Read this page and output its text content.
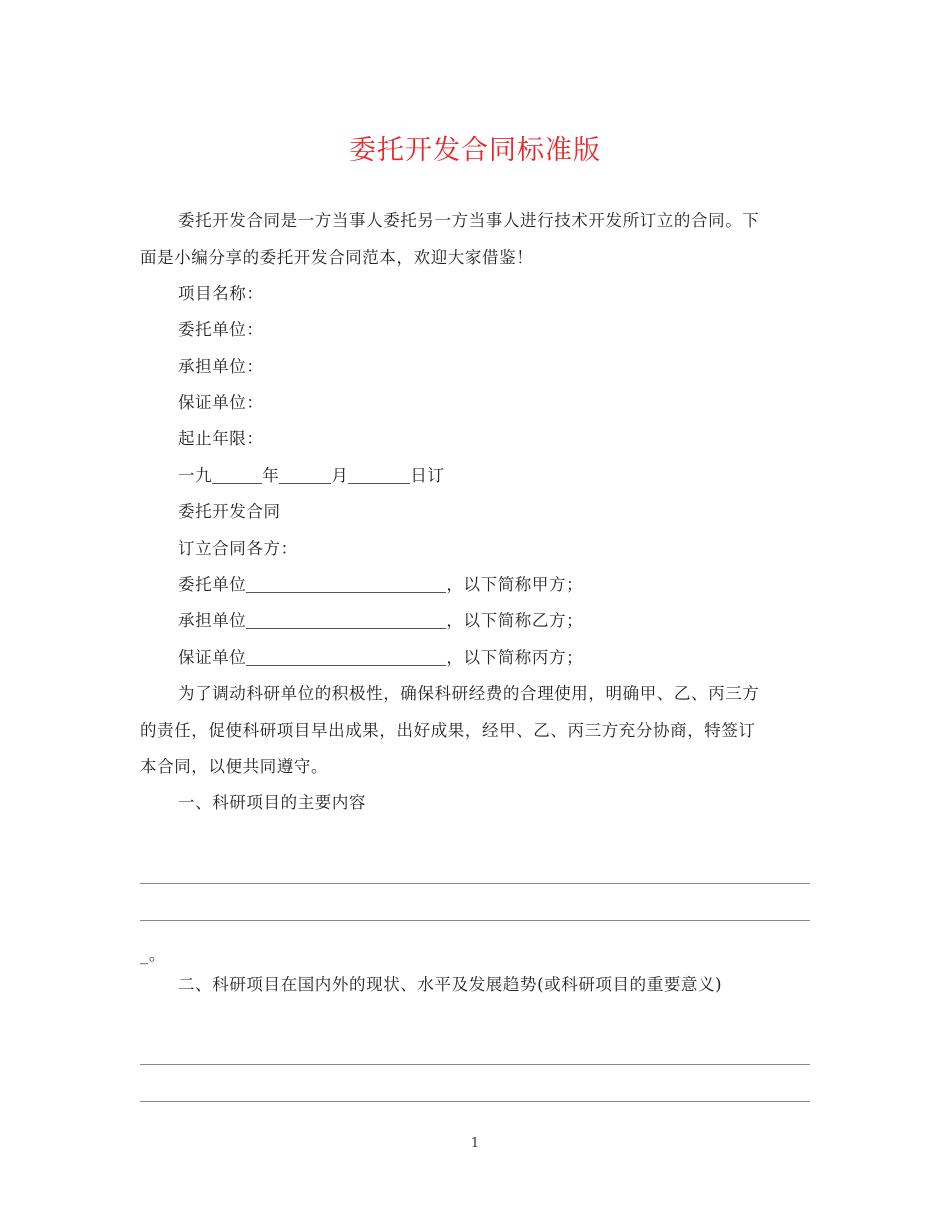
委托开发合同标准版
委托开发合同是一方当事人委托另一方当事人进行技术开发所订立的合同。下
面是小编分享的委托开发合同范本，欢迎大家借鉴！
项目名称：
委托单位：
承担单位：
保证单位：
起止年限：
一九	年	月	日订
委托开发合同
订立合同各方：
委托单位	，以下简称甲方；
承担单位	，以下简称乙方；
保证单位	，以下简称丙方；
为了调动科研单位的积极性，确保科研经费的合理使用，明确甲、乙、丙三方
的责任，促使科研项目早出成果，出好成果，经甲、乙、丙三方充分协商，特签订
本合同，以便共同遵守。
一、科研项目的主要内容
_。
二、科研项目在国内外的现状、水平及发展趋势(或科研项目的重要意义)
1
